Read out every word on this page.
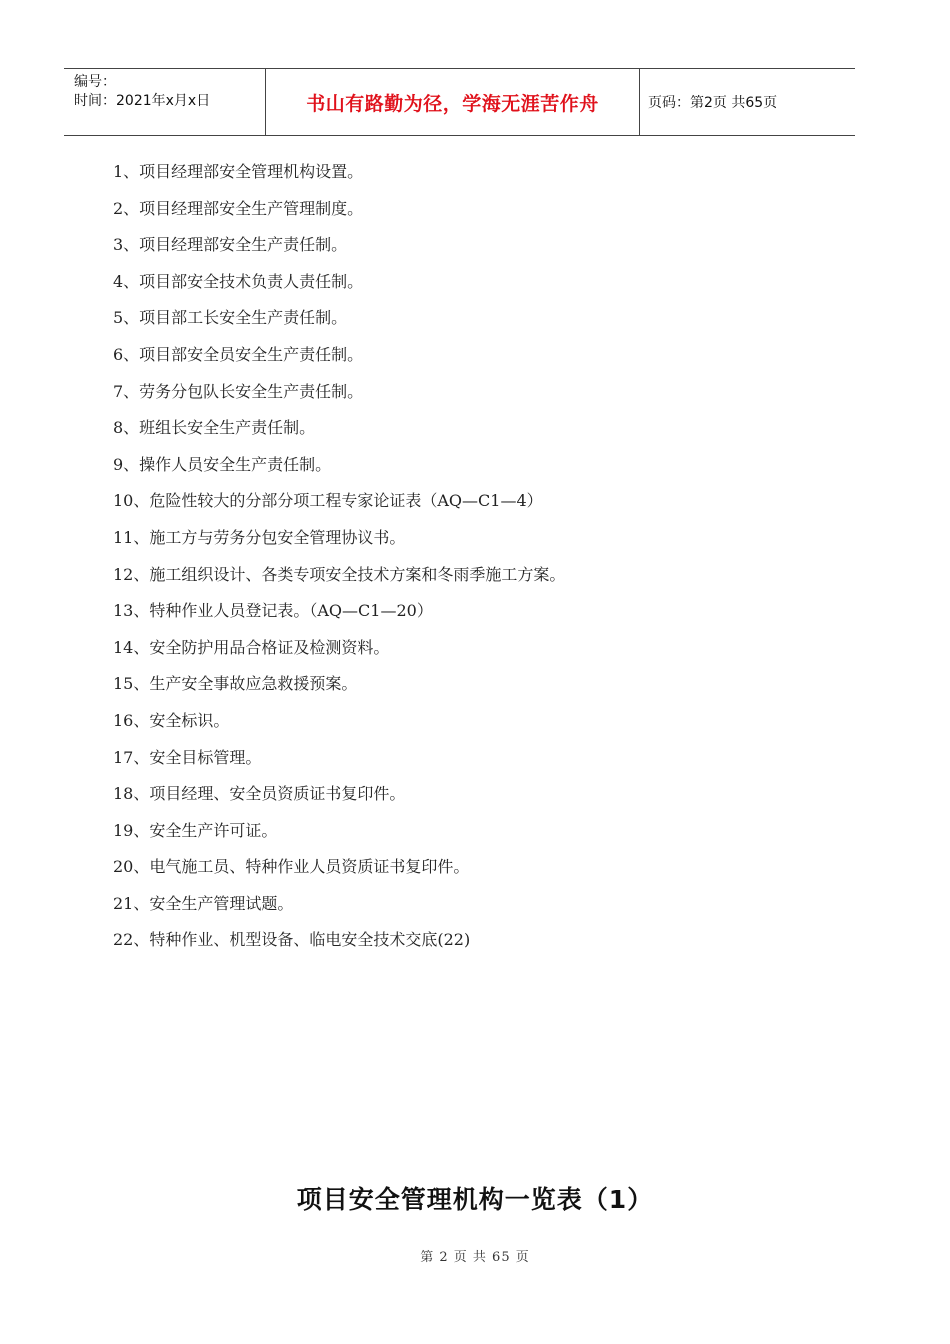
编号：
时间：2021年x月x日	书山有路勤为径，学海无涯苦作舟	页码：第2页 共65页
1、项目经理部安全管理机构设置。
2、项目经理部安全生产管理制度。
3、项目经理部安全生产责任制。
4、项目部安全技术负责人责任制。
5、项目部工长安全生产责任制。
6、项目部安全员安全生产责任制。
7、劳务分包队长安全生产责任制。
8、班组长安全生产责任制。
9、操作人员安全生产责任制。
10、危险性较大的分部分项工程专家论证表（AQ—C1—4）
11、施工方与劳务分包安全管理协议书。
12、施工组织设计、各类专项安全技术方案和冬雨季施工方案。
13、特种作业人员登记表。（AQ—C1—20）
14、安全防护用品合格证及检测资料。
15、生产安全事故应急救援预案。
16、安全标识。
17、安全目标管理。
18、项目经理、安全员资质证书复印件。
19、安全生产许可证。
20、电气施工员、特种作业人员资质证书复印件。
21、安全生产管理试题。
22、特种作业、机型设备、临电安全技术交底(22)
项目安全管理机构一览表（1）
第 2 页 共 65 页
